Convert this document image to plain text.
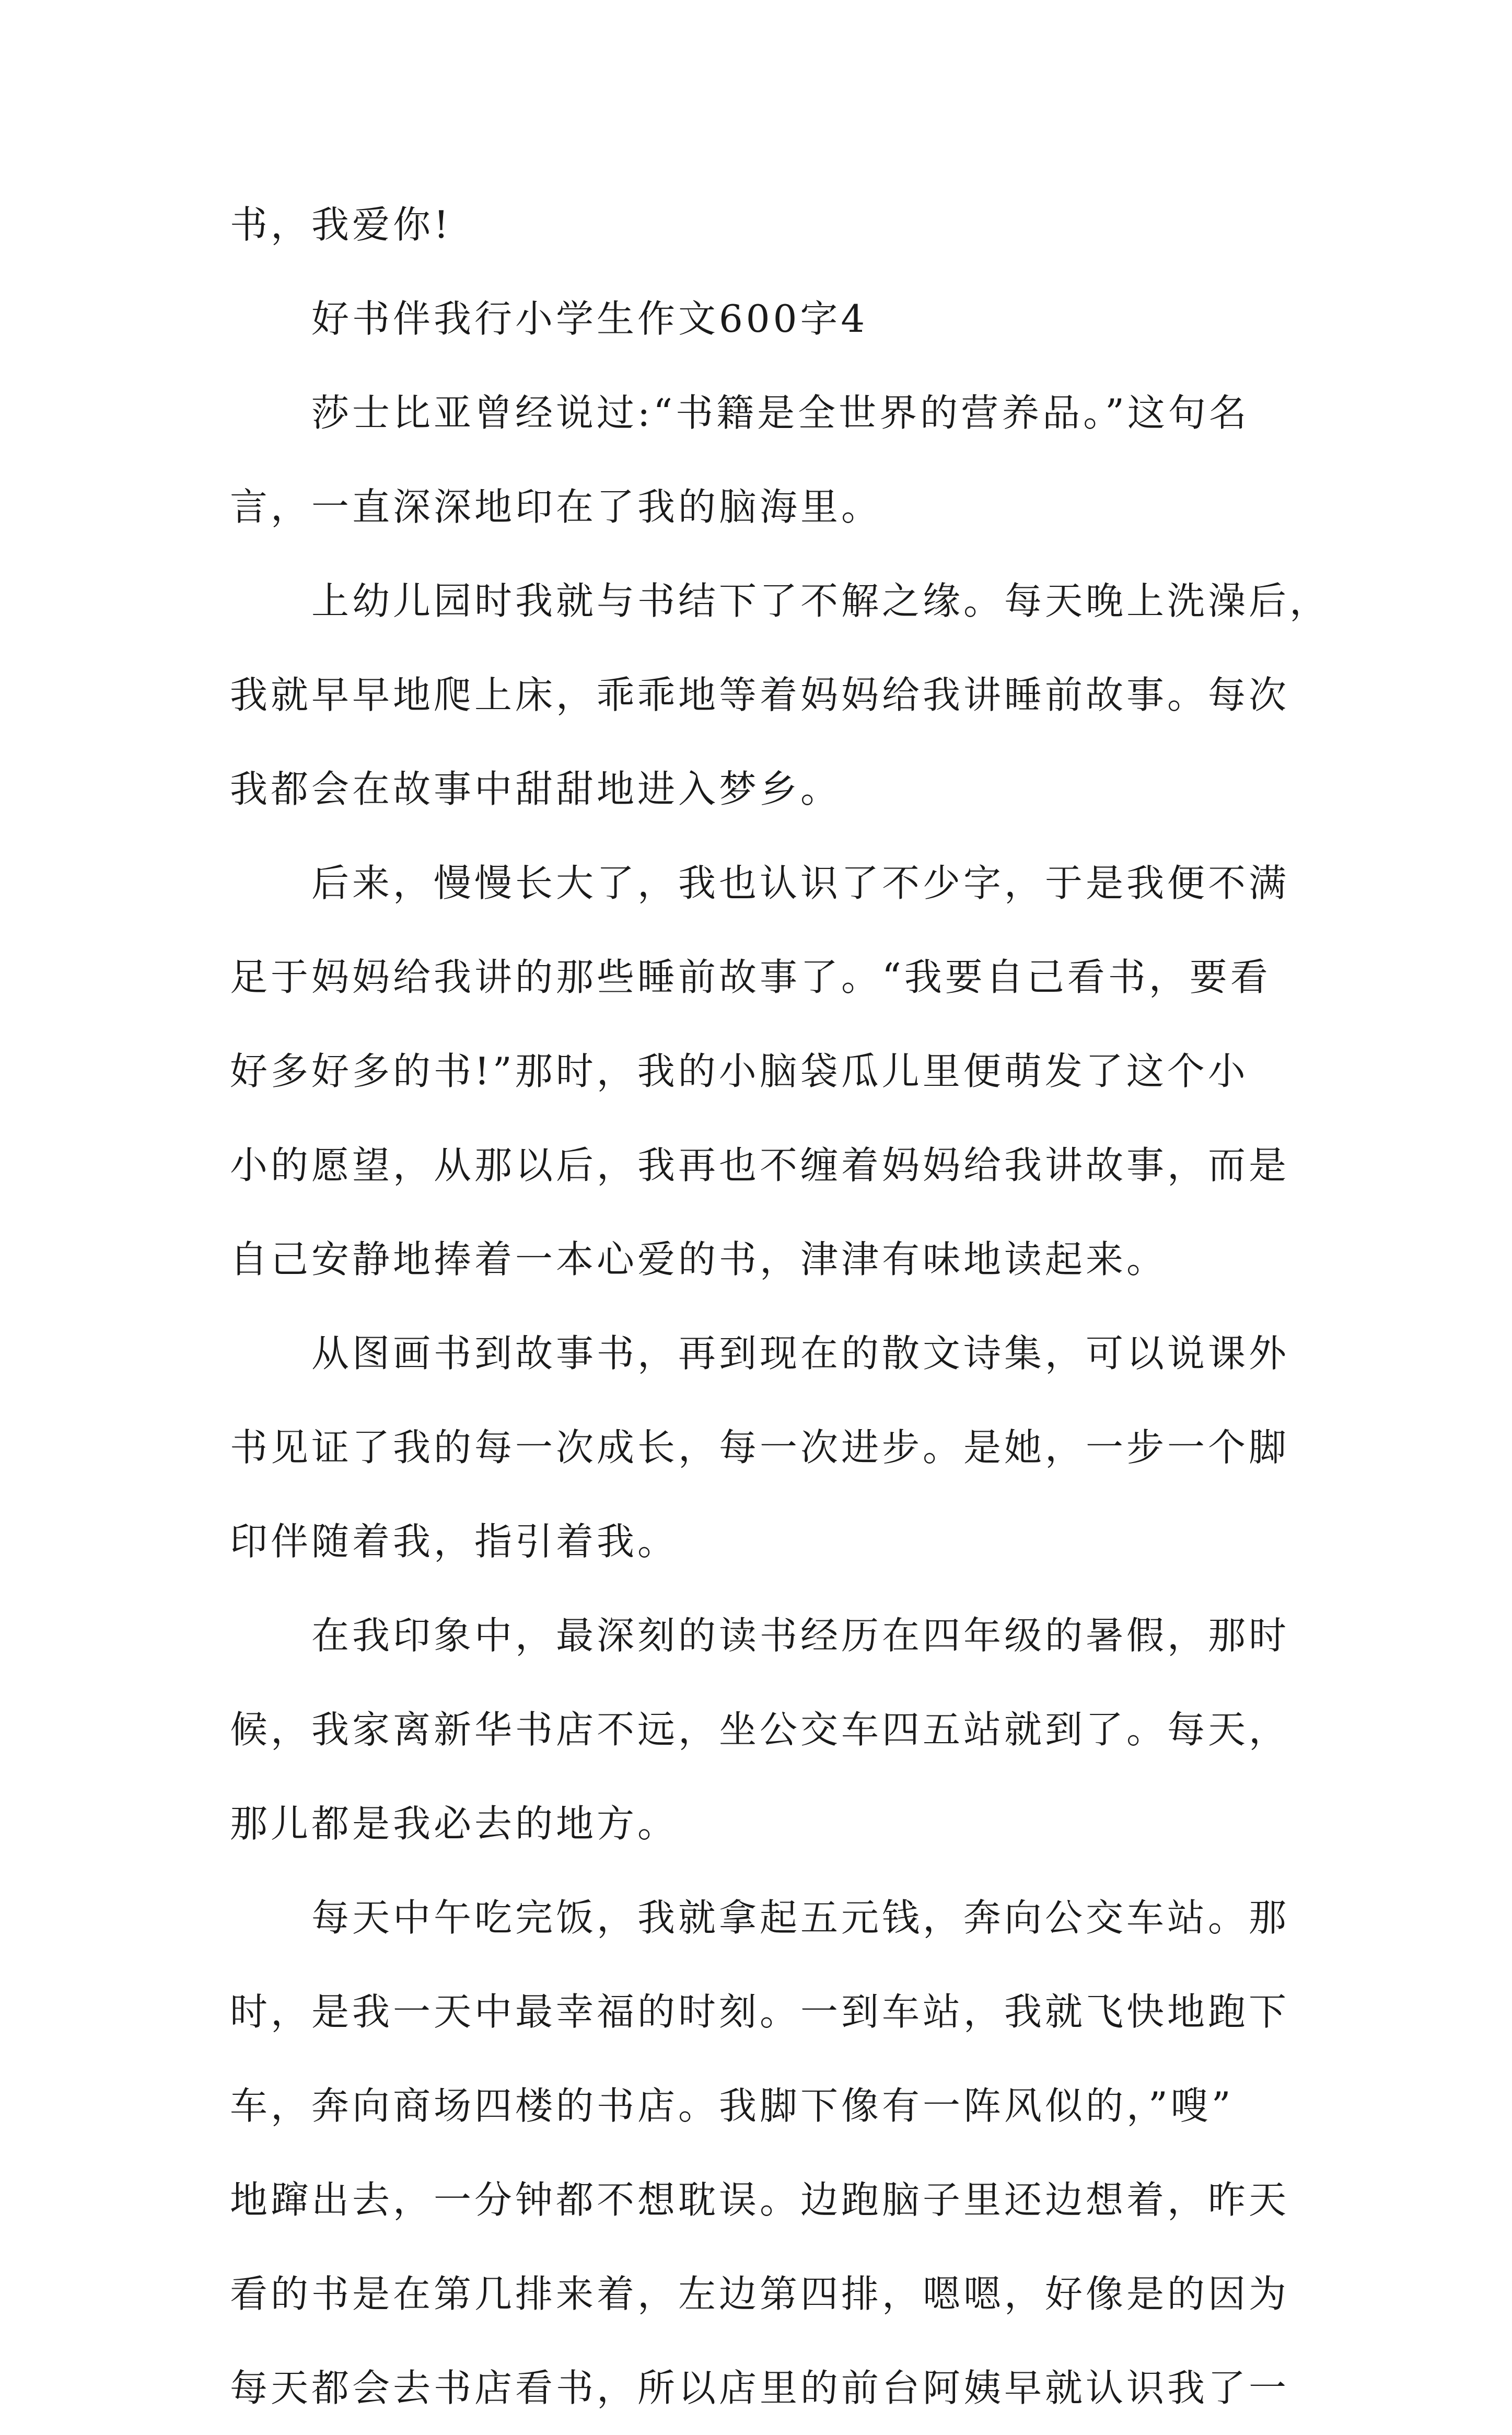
书，我爱你!
好书伴我行小学生作文600字4
莎士比亚曾经说过:“书籍是全世界的营养品。”这句名
言，一直深深地印在了我的脑海里。
上幼儿园时我就与书结下了不解之缘。每天晚上洗澡后，
我就早早地爬上床，乖乖地等着妈妈给我讲睡前故事。每次
我都会在故事中甜甜地进入梦乡。
后来，慢慢长大了，我也认识了不少字，于是我便不满
足于妈妈给我讲的那些睡前故事了。“我要自己看书，要看
好多好多的书!”那时，我的小脑袋瓜儿里便萌发了这个小
小的愿望，从那以后，我再也不缠着妈妈给我讲故事，而是
自己安静地捧着一本心爱的书，津津有味地读起来。
从图画书到故事书，再到现在的散文诗集，可以说课外
书见证了我的每一次成长，每一次进步。是她，一步一个脚
印伴随着我，指引着我。
在我印象中，最深刻的读书经历在四年级的暑假，那时
候，我家离新华书店不远，坐公交车四五站就到了。每天，
那儿都是我必去的地方。
每天中午吃完饭，我就拿起五元钱，奔向公交车站。那
时，是我一天中最幸福的时刻。一到车站，我就飞快地跑下
车，奔向商场四楼的书店。我脚下像有一阵风似的，”嗖”
地蹿出去，一分钟都不想耽误。边跑脑子里还边想着，昨天
看的书是在第几排来着，左边第四排，嗯嗯，好像是的因为
每天都会去书店看书，所以店里的前台阿姨早就认识我了一
